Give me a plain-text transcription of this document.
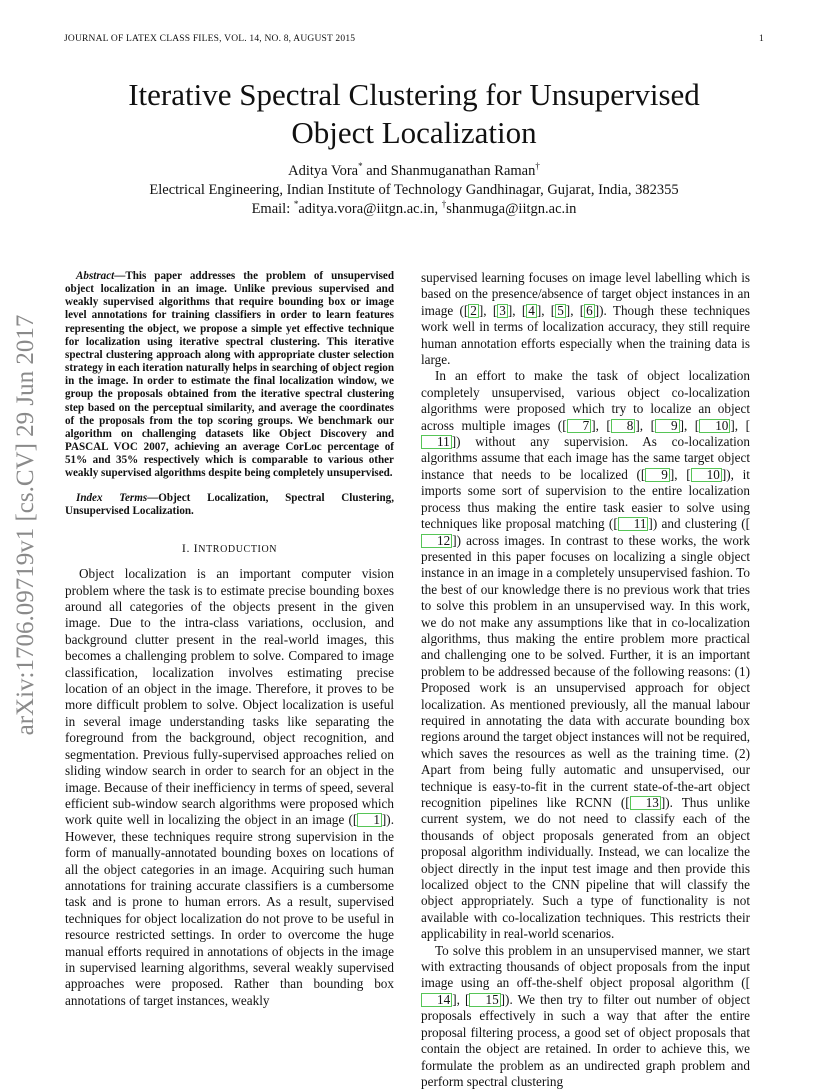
JOURNAL OF LATEX CLASS FILES, VOL. 14, NO. 8, AUGUST 2015	1
arXiv:1706.09719v1 [cs.CV] 29 Jun 2017
Iterative Spectral Clustering for Unsupervised
Object Localization
Aditya Vora* and Shanmuganathan Raman†
Electrical Engineering, Indian Institute of Technology Gandhinagar, Gujarat, India, 382355
Email: *aditya.vora@iitgn.ac.in, †shanmuga@iitgn.ac.in

Abstract—This paper addresses the problem of unsupervised object localization in an image. Unlike previous supervised and weakly supervised algorithms that require bounding box or image level annotations for training classifiers in order to learn features representing the object, we propose a simple yet effective technique for localization using iterative spectral clustering. This iterative spectral clustering approach along with appropriate cluster selection strategy in each iteration naturally helps in searching of object region in the image. In order to estimate the final localization window, we group the proposals obtained from the iterative spectral clustering step based on the perceptual similarity, and average the coordinates of the proposals from the top scoring groups. We benchmark our algorithm on challenging datasets like Object Discovery and PASCAL VOC 2007, achieving an average CorLoc percentage of 51% and 35% respectively which is comparable to various other weakly supervised algorithms despite being completely unsupervised.

Index Terms—Object Localization, Spectral Clustering, Unsupervised Localization.

I. INTRODUCTION

Object localization is an important computer vision problem where the task is to estimate precise bounding boxes around all categories of the objects present in the given image. Due to the intra-class variations, occlusion, and background clutter present in the real-world images, this becomes a challenging problem to solve. Compared to image classification, localization involves estimating precise location of an object in the image. Therefore, it proves to be more difficult problem to solve. Object localization is useful in several image understanding tasks like separating the foreground from the background, object recognition, and segmentation. Previous fully-supervised approaches relied on sliding window search in order to search for an object in the image. Because of their inefficiency in terms of speed, several efficient sub-window search algorithms were proposed which work quite well in localizing the object in an image ([ 1 ]). However, these techniques require strong supervision in the form of manually-annotated bounding boxes on locations of all the object categories in an image. Acquiring such human annotations for training accurate classifiers is a cumbersome task and is prone to human errors. As a result, supervised techniques for object localization do not prove to be useful in resource restricted settings. In order to overcome the huge manual efforts required in annotations of objects in the image in supervised learning algorithms, several weakly supervised approaches were proposed. Rather than bounding box annotations of target instances, weakly

supervised learning focuses on image level labelling which is based on the presence/absence of target object instances in an image ([ 2 ], [ 3 ], [ 4 ], [ 5 ], [ 6 ]). Though these techniques work well in terms of localization accuracy, they still require human annotation efforts especially when the training data is large.

In an effort to make the task of object localization completely unsupervised, various object co-localization algorithms were proposed which try to localize an object across multiple images ([ 7 ], [ 8 ], [ 9 ], [ 10 ], [11 ]) without any supervision. As co-localization algorithms assume that each image has the same target object instance that needs to be localized ([ 9 ], [ 10 ]), it imports some sort of supervision to the entire localization process thus making the entire task easier to solve using techniques like proposal matching ([ 11 ]) and clustering ([12 ]) across images. In contrast to these works, the work presented in this paper focuses on localizing a single object instance in an image in a completely unsupervised fashion. To the best of our knowledge there is no previous work that tries to solve this problem in an unsupervised way. In this work, we do not make any assumptions like that in co-localization algorithms, thus making the entire problem more practical and challenging one to be solved. Further, it is an important problem to be addressed because of the following reasons: (1) Proposed work is an unsupervised approach for object localization. As mentioned previously, all the manual labour required in annotating the data with accurate bounding box regions around the target object instances will not be required, which saves the resources as well as the training time. (2) Apart from being fully automatic and unsupervised, our technique is easy-to-fit in the current state-of-the-art object recognition pipelines like RCNN ([ 13 ]). Thus unlike current system, we do not need to classify each of the thousands of object proposals generated from an object proposal algorithm individually. Instead, we can localize the object directly in the input test image and then provide this localized object to the CNN pipeline that will classify the object appropriately. Such a type of functionality is not available with co-localization techniques. This restricts their applicability in real-world scenarios.

To solve this problem in an unsupervised manner, we start with extracting thousands of object proposals from the input image using an off-the-shelf object proposal algorithm ([14 ], [ 15 ]). We then try to filter out number of object proposals effectively in such a way that after the entire proposal filtering process, a good set of object proposals that contain the object are retained. In order to achieve this, we formulate the problem as an undirected graph problem and perform spectral clustering
